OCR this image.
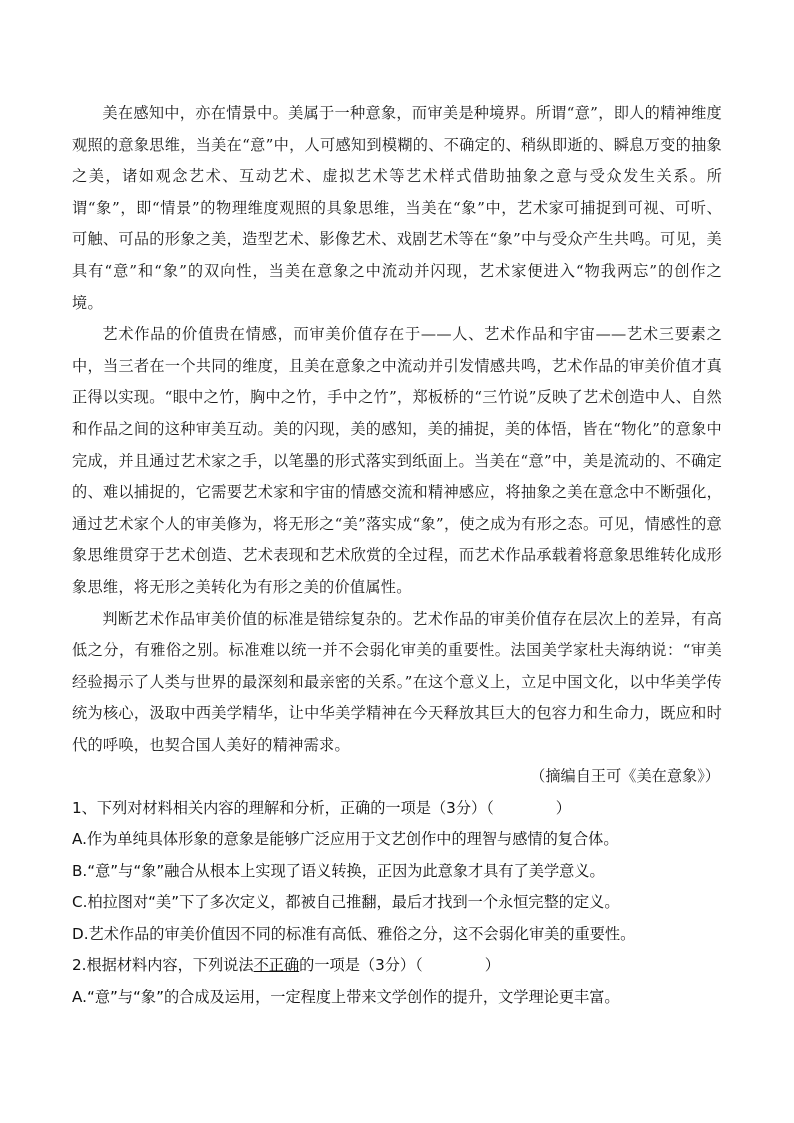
美在感知中，亦在情景中。美属于一种意象，而审美是种境界。所谓“意”，即人的精神维度观照的意象思维，当美在“意”中，人可感知到模糊的、不确定的、稍纵即逝的、瞬息万变的抽象之美，诸如观念艺术、互动艺术、虚拟艺术等艺术样式借助抽象之意与受众发生关系。所谓“象”，即“情景”的物理维度观照的具象思维，当美在“象”中，艺术家可捕捉到可视、可听、可触、可品的形象之美，造型艺术、影像艺术、戏剧艺术等在“象”中与受众产生共鸣。可见，美具有“意”和“象”的双向性，当美在意象之中流动并闪现，艺术家便进入“物我两忘”的创作之境。

艺术作品的价值贵在情感，而审美价值存在于——人、艺术作品和宇宙——艺术三要素之中，当三者在一个共同的维度，且美在意象之中流动并引发情感共鸣，艺术作品的审美价值才真正得以实现。“眼中之竹，胸中之竹，手中之竹”，郑板桥的“三竹说”反映了艺术创造中人、自然和作品之间的这种审美互动。美的闪现，美的感知，美的捕捉，美的体悟，皆在“物化”的意象中完成，并且通过艺术家之手，以笔墨的形式落实到纸面上。当美在“意”中，美是流动的、不确定的、难以捕捉的，它需要艺术家和宇宙的情感交流和精神感应，将抽象之美在意念中不断强化，通过艺术家个人的审美修为，将无形之“美”落实成“象”，使之成为有形之态。可见，情感性的意象思维贯穿于艺术创造、艺术表现和艺术欣赏的全过程，而艺术作品承载着将意象思维转化成形象思维，将无形之美转化为有形之美的价值属性。

判断艺术作品审美价值的标准是错综复杂的。艺术作品的审美价值存在层次上的差异，有高低之分，有雅俗之别。标准难以统一并不会弱化审美的重要性。法国美学家杜夫海纳说：“审美经验揭示了人类与世界的最深刻和最亲密的关系。”在这个意义上，立足中国文化，以中华美学传统为核心，汲取中西美学精华，让中华美学精神在今天释放其巨大的包容力和生命力，既应和时代的呼唤，也契合国人美好的精神需求。

（摘编自王可《美在意象》）

1、下列对材料相关内容的理解和分析，正确的一项是（3分）（	）

A.作为单纯具体形象的意象是能够广泛应用于文艺创作中的理智与感情的复合体。

B.“意”与“象”融合从根本上实现了语义转换，正因为此意象才具有了美学意义。

C.柏拉图对“美”下了多次定义，都被自己推翻，最后才找到一个永恒完整的定义。

D.艺术作品的审美价值因不同的标准有高低、雅俗之分，这不会弱化审美的重要性。

2.根据材料内容，下列说法不正确的一项是（3分）（	）

A.“意”与“象”的合成及运用，一定程度上带来文学创作的提升，文学理论更丰富。
